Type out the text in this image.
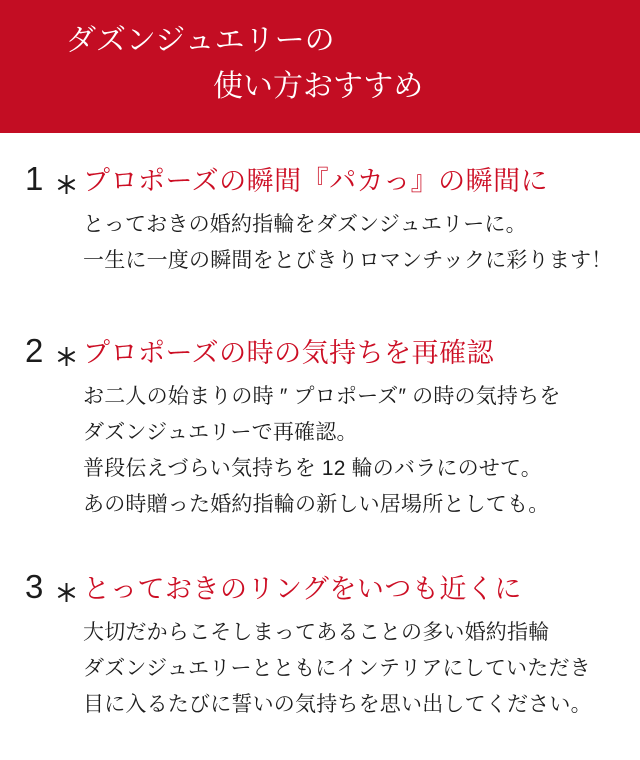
ダズンジュエリーの
使い方おすすめ
1 プロポーズの瞬間『パカっ』の瞬間に
とっておきの婚約指輪をダズンジュエリーに。
一生に一度の瞬間をとびきりロマンチックに彩ります！
2 プロポーズの時の気持ちを再確認
お二人の始まりの時 ″ プロポーズ″ の時の気持ちを
ダズンジュエリーで再確認。
普段伝えづらい気持ちを 12 輪のバラにのせて。
あの時贈った婚約指輪の新しい居場所としても。
3 とっておきのリングをいつも近くに
大切だからこそしまってあることの多い婚約指輪
ダズンジュエリーとともにインテリアにしていただき
目に入るたびに誓いの気持ちを思い出してください。
